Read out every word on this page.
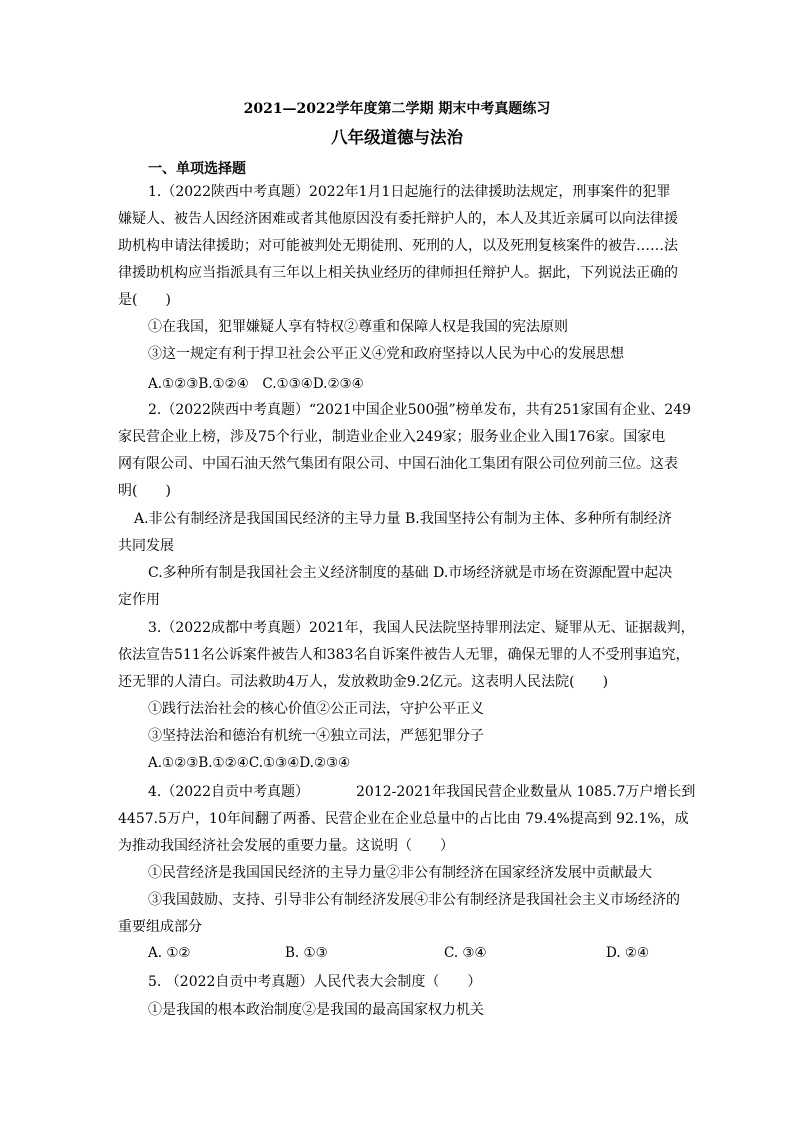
2021—2022学年度第二学期 期末中考真题练习
八年级道德与法治
一、单项选择题
1.（2022陕西中考真题）2022年1月1日起施行的法律援助法规定，刑事案件的犯罪
嫌疑人、被告人因经济困难或者其他原因没有委托辩护人的，本人及其近亲属可以向法律援
助机构申请法律援助；对可能被判处无期徒刑、死刑的人，以及死刑复核案件的被告……法
律援助机构应当指派具有三年以上相关执业经历的律师担任辩护人。据此，下列说法正确的
是(　　)
①在我国，犯罪嫌疑人享有特权②尊重和保障人权是我国的宪法原则
③这一规定有利于捍卫社会公平正义④党和政府坚持以人民为中心的发展思想
A.①②③B.①②④　C.①③④D.②③④
2.（2022陕西中考真题）“2021中国企业500强”榜单发布，共有251家国有企业、249
家民营企业上榜，涉及75个行业，制造业企业入249家；服务业企业入围176家。国家电
网有限公司、中国石油天然气集团有限公司、中国石油化工集团有限公司位列前三位。这表
明(　　)
A.非公有制经济是我国国民经济的主导力量 B.我国坚持公有制为主体、多种所有制经济
共同发展
C.多种所有制是我国社会主义经济制度的基础 D.市场经济就是市场在资源配置中起决
定作用
3.（2022成都中考真题）2021年，我国人民法院坚持罪刑法定、疑罪从无、证据裁判，
依法宣告511名公诉案件被告人和383名自诉案件被告人无罪，确保无罪的人不受刑事追究，
还无罪的人清白。司法救助4万人，发放救助金9.2亿元。这表明人民法院(　　)
①践行法治社会的核心价值②公正司法，守护公平正义
③坚持法治和德治有机统一④独立司法，严惩犯罪分子
A.①②③B.①②④C.①③④D.②③④
4.（2022自贡中考真题）	2012-2021年我国民营企业数量从 1085.7万户增长到
4457.5万户，10年间翻了两番、民营企业在企业总量中的占比由 79.4%提高到 92.1%，成
为推动我国经济社会发展的重要力量。这说明（　　）
①民营经济是我国国民经济的主导力量②非公有制经济在国家经济发展中贡献最大
③我国鼓励、支持、引导非公有制经济发展④非公有制经济是我国社会主义市场经济的
重要组成部分
A. ①②	B. ①③	C. ③④	D. ②④
5. （2022自贡中考真题）人民代表大会制度（　　）
①是我国的根本政治制度②是我国的最高国家权力机关
